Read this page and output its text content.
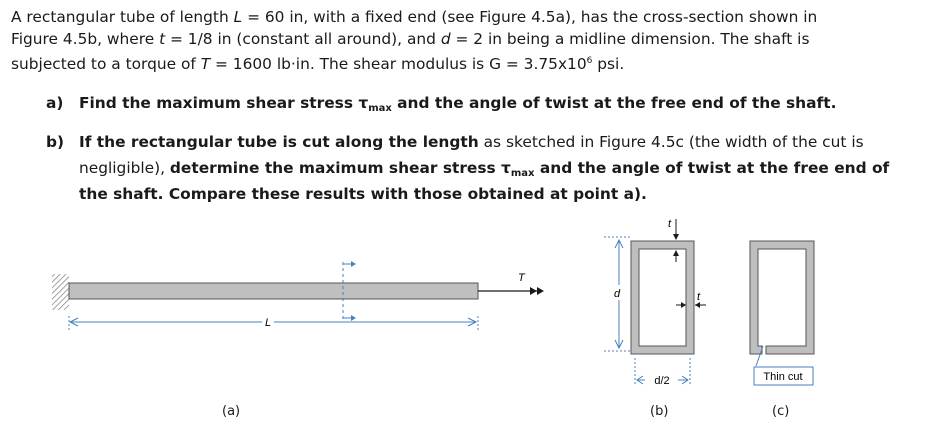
A rectangular tube of length L = 60 in, with a fixed end (see Figure 4.5a), has the cross-section shown in
Figure 4.5b, where t = 1/8 in (constant all around), and d = 2 in being a midline dimension. The shaft is
subjected to a torque of T = 1600 lb·in. The shear modulus is $G = 3.75x10^6$ psi.
a) Find the maximum shear stress $\tau_{max}$ and the angle of twist at the free end of the shaft.
b) If the rectangular tube is cut along the length as sketched in Figure 4.5c (the width of the cut is
negligible), determine the maximum shear stress $\tau_{max}$ and the angle of twist at the free end of
the shaft. Compare these results with those obtained at point a).
L
T
t
d	t
d/2	Thin cut
(a)	(b)	(c)
